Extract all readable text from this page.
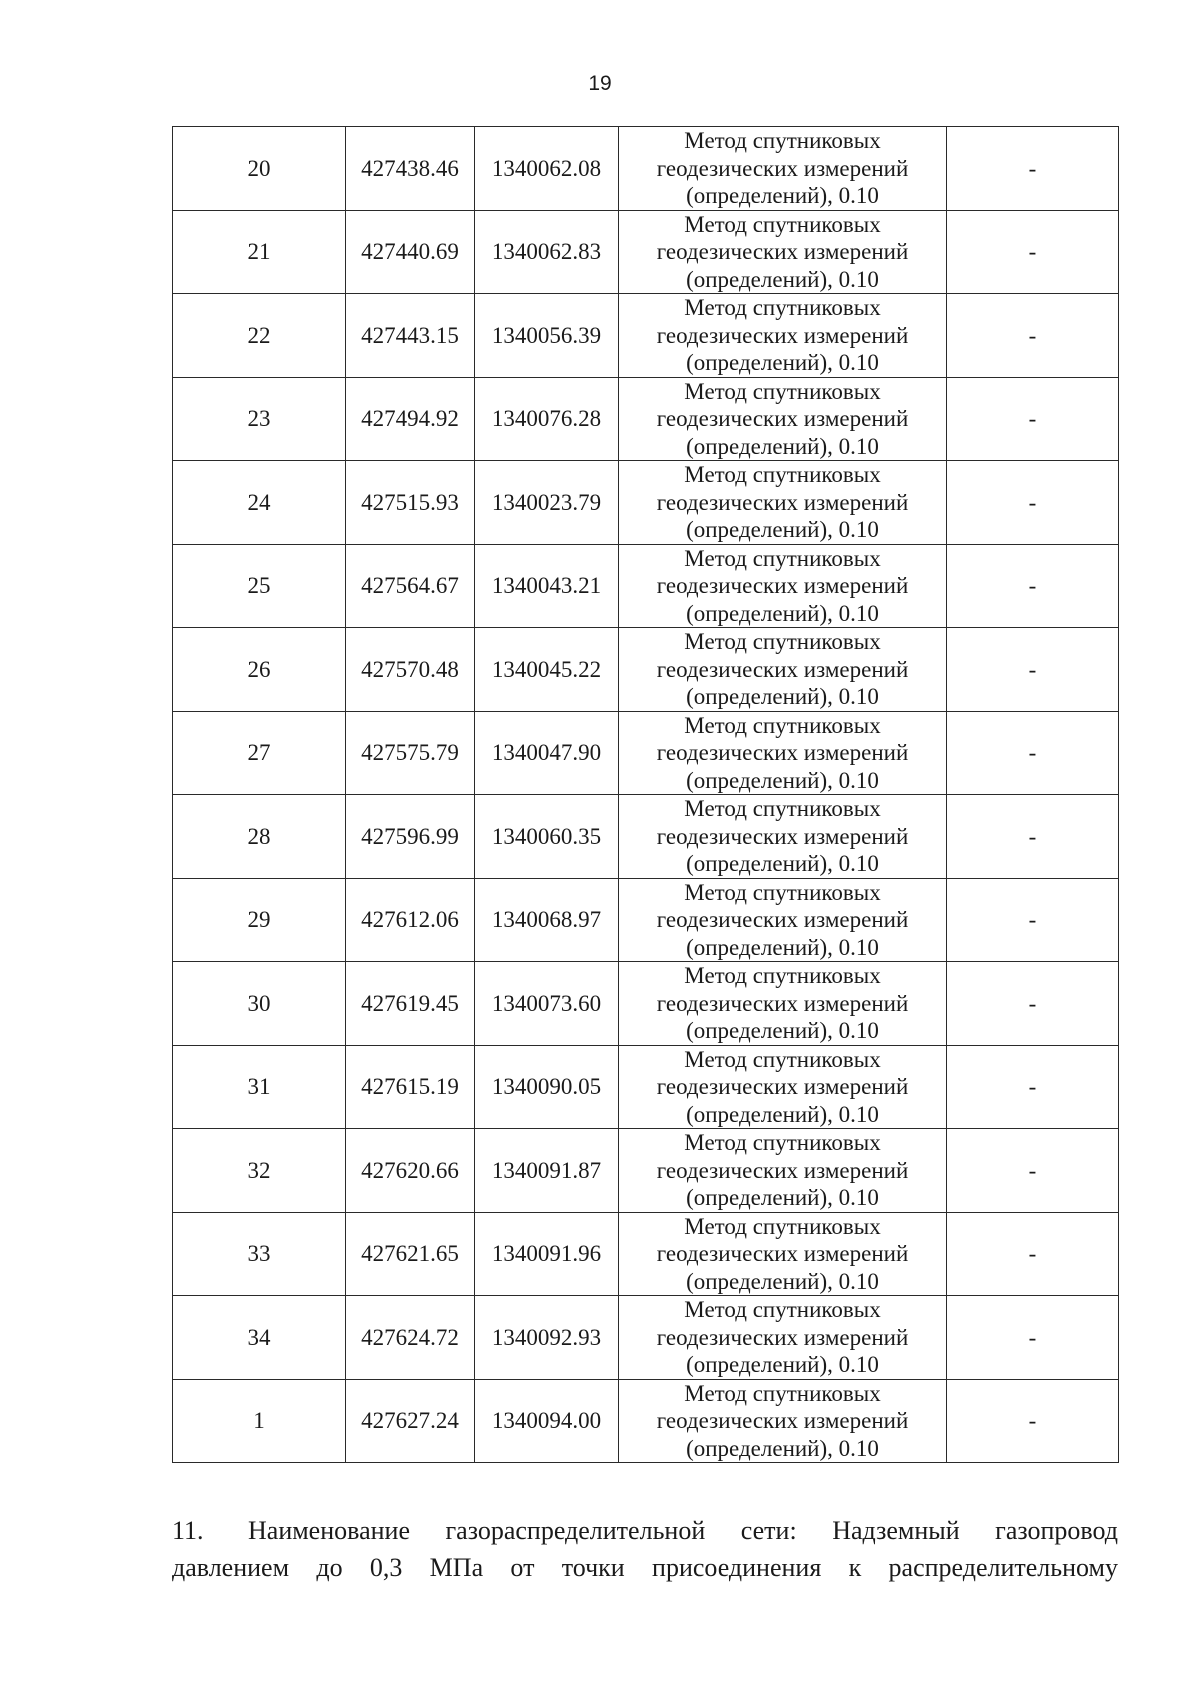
19
20	427438.46	1340062.08	Метод спутниковых
геодезических измерений
(определений), 0.10	-
21	427440.69	1340062.83	Метод спутниковых
геодезических измерений
(определений), 0.10	-
22	427443.15	1340056.39	Метод спутниковых
геодезических измерений
(определений), 0.10	-
23	427494.92	1340076.28	Метод спутниковых
геодезических измерений
(определений), 0.10	-
24	427515.93	1340023.79	Метод спутниковых
геодезических измерений
(определений), 0.10	-
25	427564.67	1340043.21	Метод спутниковых
геодезических измерений
(определений), 0.10	-
26	427570.48	1340045.22	Метод спутниковых
геодезических измерений
(определений), 0.10	-
27	427575.79	1340047.90	Метод спутниковых
геодезических измерений
(определений), 0.10	-
28	427596.99	1340060.35	Метод спутниковых
геодезических измерений
(определений), 0.10	-
29	427612.06	1340068.97	Метод спутниковых
геодезических измерений
(определений), 0.10	-
30	427619.45	1340073.60	Метод спутниковых
геодезических измерений
(определений), 0.10	-
31	427615.19	1340090.05	Метод спутниковых
геодезических измерений
(определений), 0.10	-
32	427620.66	1340091.87	Метод спутниковых
геодезических измерений
(определений), 0.10	-
33	427621.65	1340091.96	Метод спутниковых
геодезических измерений
(определений), 0.10	-
34	427624.72	1340092.93	Метод спутниковых
геодезических измерений
(определений), 0.10	-
1	427627.24	1340094.00	Метод спутниковых
геодезических измерений
(определений), 0.10	-

11. Наименование газораспределительной сети: Надземный газопровод
давлением до 0,3 МПа от точки присоединения к распределительному
